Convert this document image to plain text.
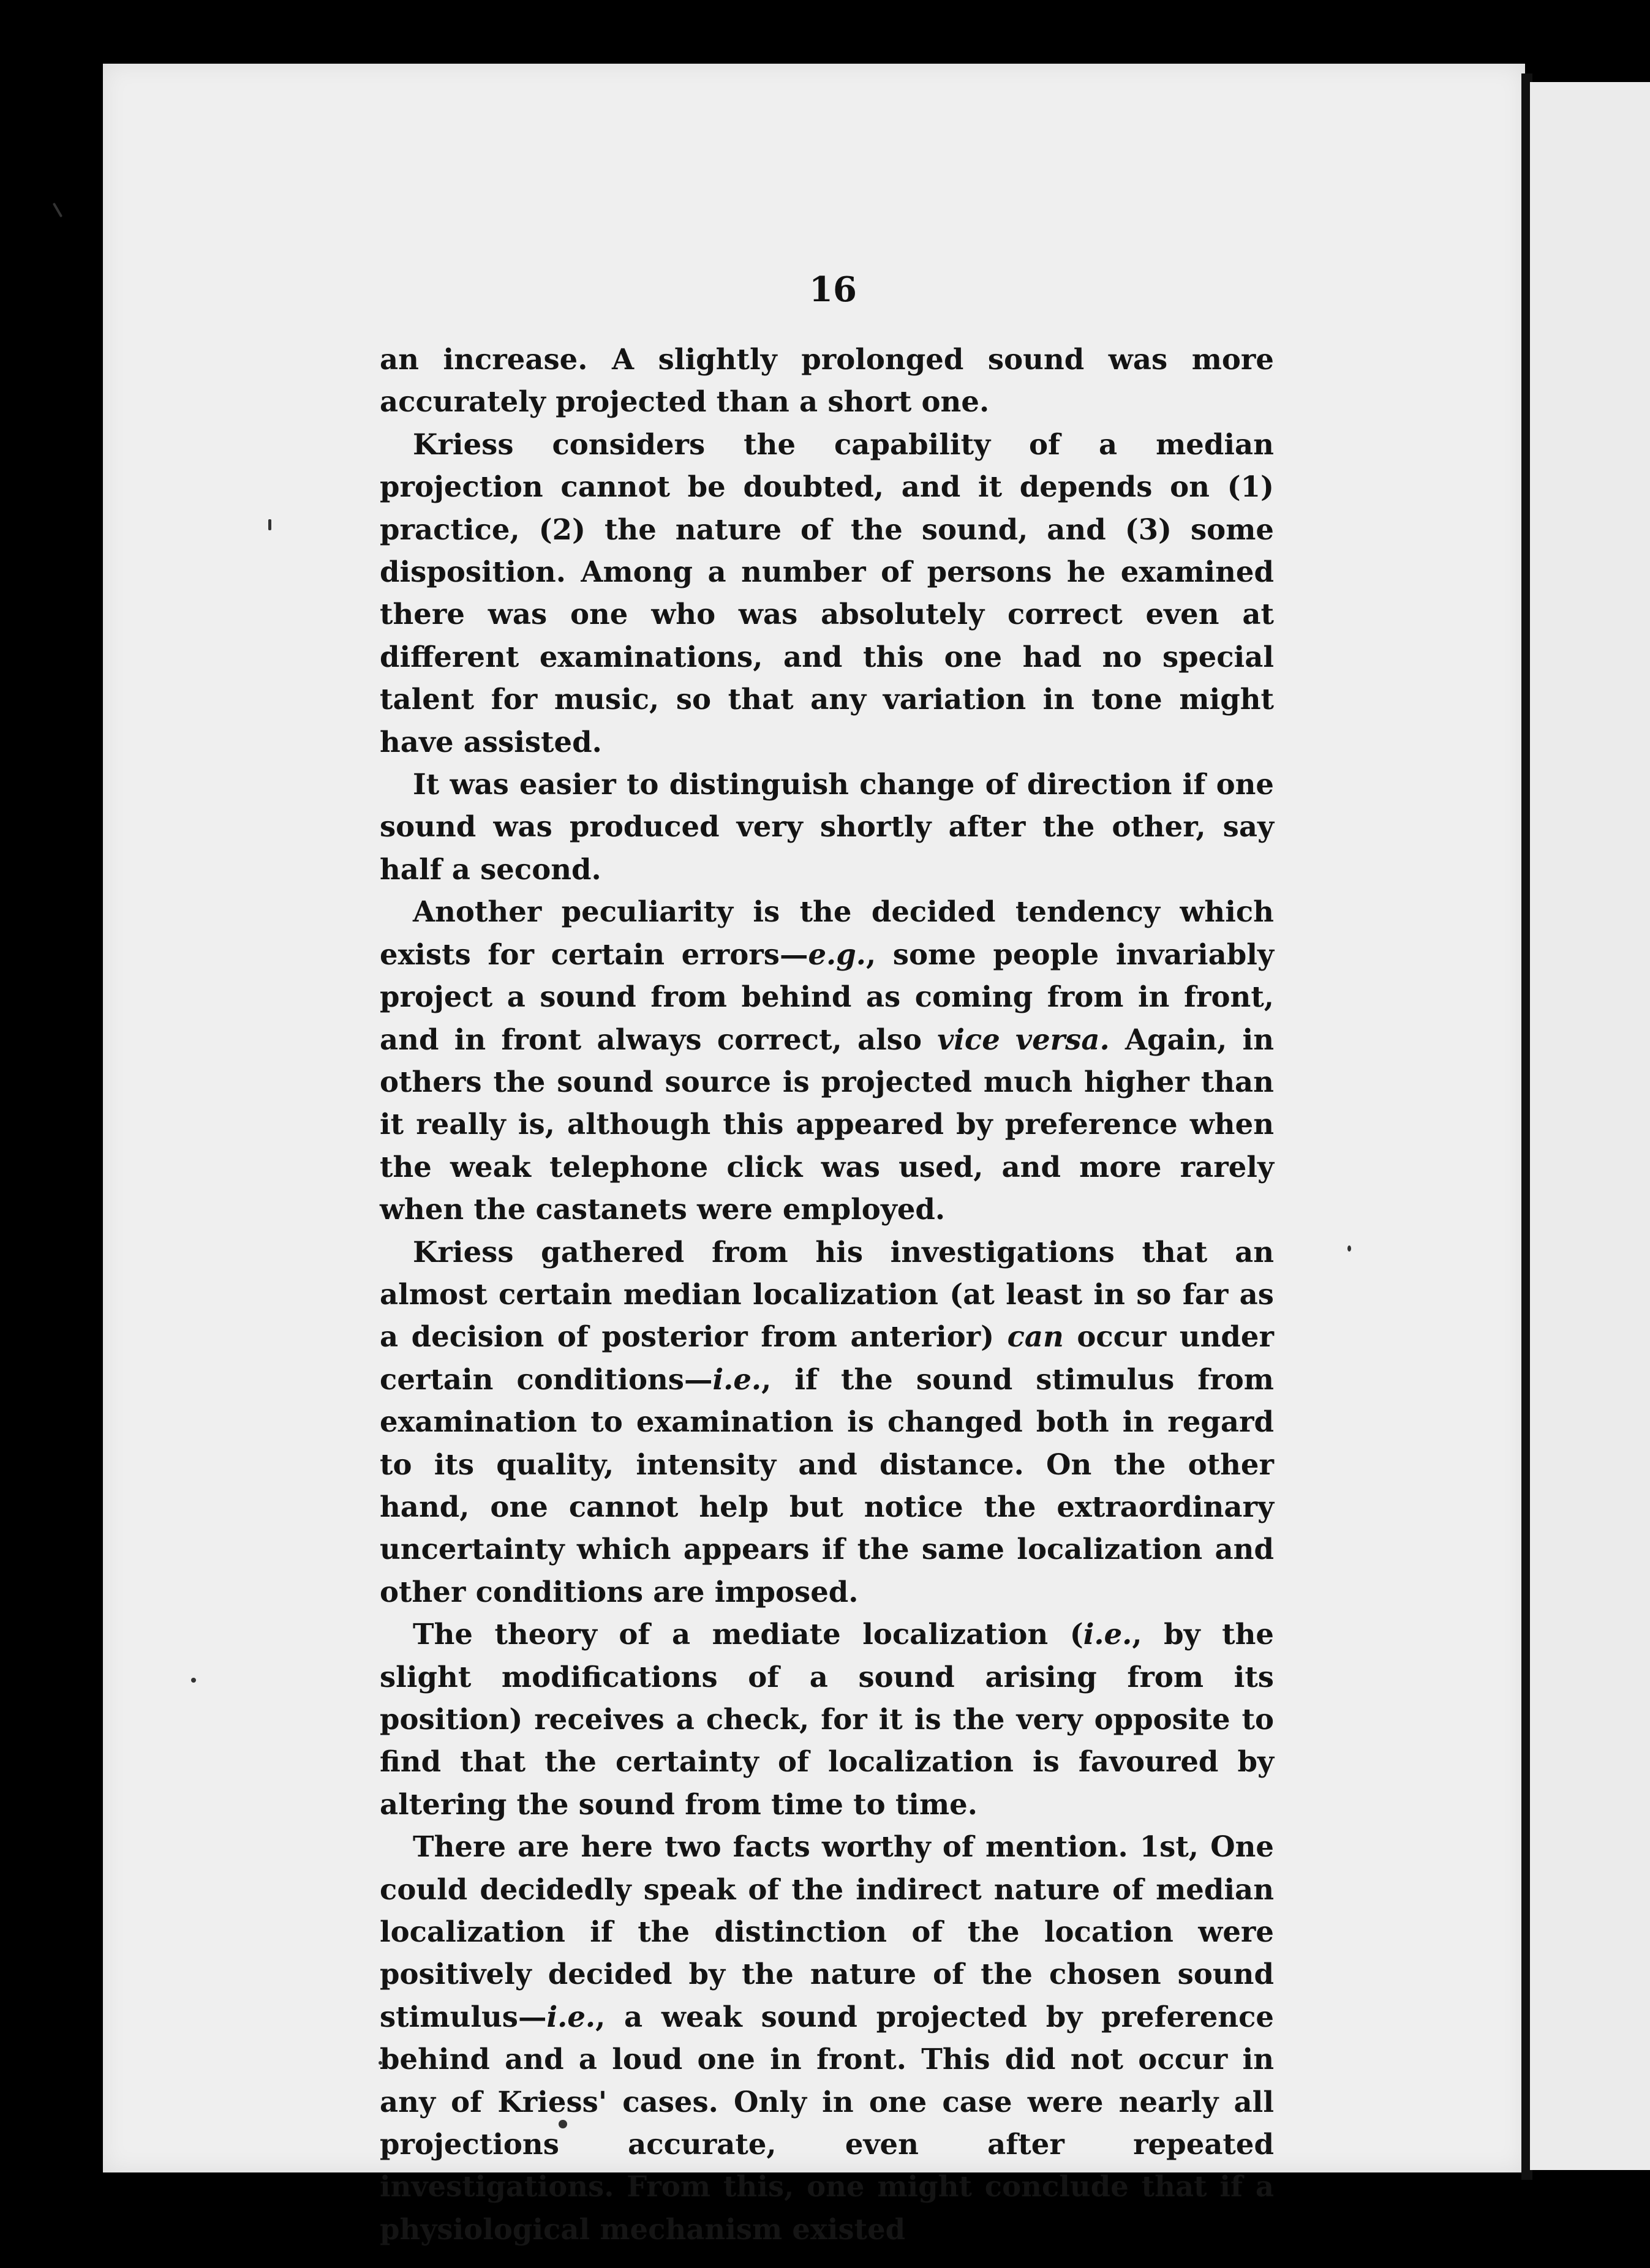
16

an increase. A slightly prolonged sound was more accurately projected than a short one.

Kriess considers the capability of a median projection cannot be doubted, and it depends on (1) practice, (2) the nature of the sound, and (3) some disposition. Among a number of persons he examined there was one who was absolutely correct even at different examinations, and this one had no special talent for music, so that any variation in tone might have assisted.

It was easier to distinguish change of direction if one sound was produced very shortly after the other, say half a second.

Another peculiarity is the decided tendency which exists for certain errors—e.g., some people invariably project a sound from behind as coming from in front, and in front always correct, also vice versa. Again, in others the sound source is projected much higher than it really is, although this appeared by preference when the weak telephone click was used, and more rarely when the castanets were employed.

Kriess gathered from his investigations that an almost certain median localization (at least in so far as a decision of posterior from anterior) can occur under certain conditions—i.e., if the sound stimulus from examination to examination is changed both in regard to its quality, intensity and distance. On the other hand, one cannot help but notice the extraordinary uncertainty which appears if the same localization and other conditions are imposed.

The theory of a mediate localization (i.e., by the slight modifications of a sound arising from its position) receives a check, for it is the very opposite to find that the certainty of localization is favoured by altering the sound from time to time.

There are here two facts worthy of mention. 1st, One could decidedly speak of the indirect nature of median localization if the distinction of the location were positively decided by the nature of the chosen sound stimulus—i.e., a weak sound projected by preference behind and a loud one in front. This did not occur in any of Kriess' cases. Only in one case were nearly all projections accurate, even after repeated investigations. From this, one might conclude that if a physiological mechanism existed
